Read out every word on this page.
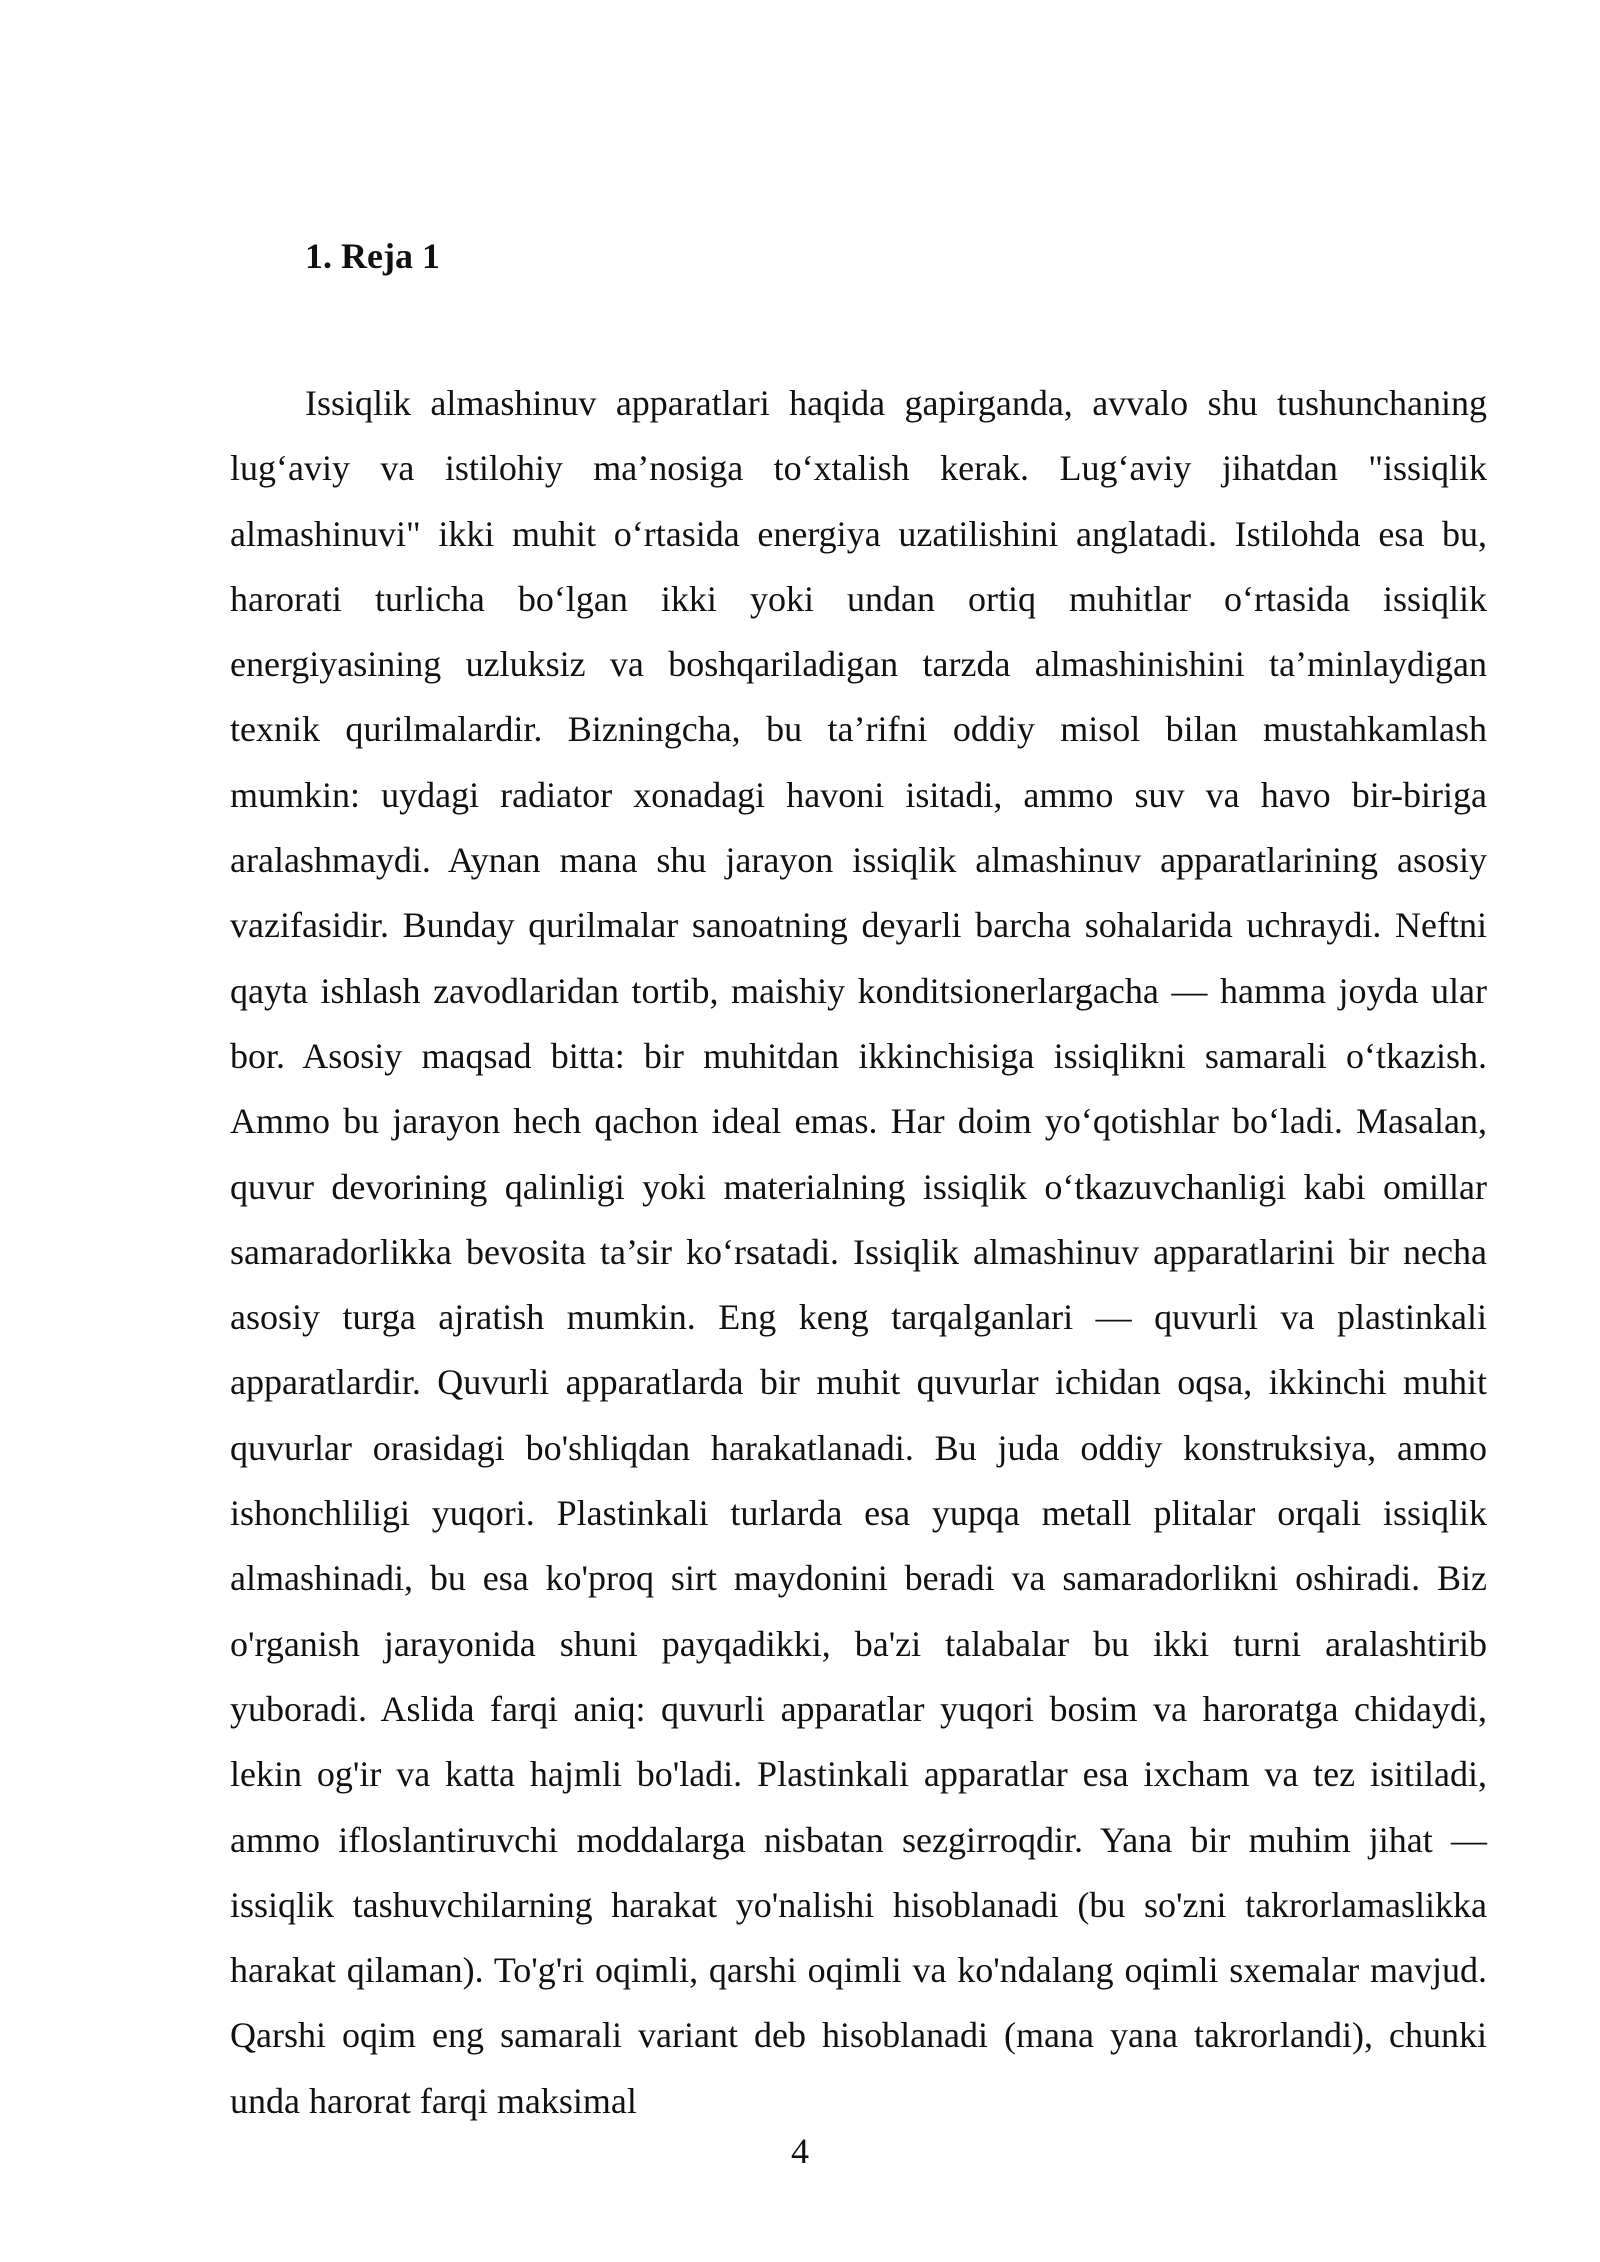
1. Reja 1

Issiqlik almashinuv apparatlari haqida gapirganda, avvalo shu tushunchaning lug‘aviy va istilohiy ma’nosiga to‘xtalish kerak. Lug‘aviy jihatdan "issiqlik almashinuvi" ikki muhit o‘rtasida energiya uzatilishini anglatadi. Istilohda esa bu, harorati turlicha bo‘lgan ikki yoki undan ortiq muhitlar o‘rtasida issiqlik energiyasining uzluksiz va boshqariladigan tarzda almashinishini ta’minlaydigan texnik qurilmalardir. Bizningcha, bu ta’rifni oddiy misol bilan mustahkamlash mumkin: uydagi radiator xonadagi havoni isitadi, ammo suv va havo bir-biriga aralashmaydi. Aynan mana shu jarayon issiqlik almashinuv apparatlarining asosiy vazifasidir. Bunday qurilmalar sanoatning deyarli barcha sohalarida uchraydi. Neftni qayta ishlash zavodlaridan tortib, maishiy konditsionerlargacha — hamma joyda ular bor. Asosiy maqsad bitta: bir muhitdan ikkinchisiga issiqlikni samarali o‘tkazish. Ammo bu jarayon hech qachon ideal emas. Har doim yo‘qotishlar bo‘ladi. Masalan, quvur devorining qalinligi yoki materialning issiqlik o‘tkazuvchanligi kabi omillar samaradorlikka bevosita ta’sir ko‘rsatadi. Issiqlik almashinuv apparatlarini bir necha asosiy turga ajratish mumkin. Eng keng tarqalganlari — quvurli va plastinkali apparatlardir. Quvurli apparatlarda bir muhit quvurlar ichidan oqsa, ikkinchi muhit quvurlar orasidagi bo'shliqdan harakatlanadi. Bu juda oddiy konstruksiya, ammo ishonchliligi yuqori. Plastinkali turlarda esa yupqa metall plitalar orqali issiqlik almashinadi, bu esa ko'proq sirt maydonini beradi va samaradorlikni oshiradi. Biz o'rganish jarayonida shuni payqadikki, ba'zi talabalar bu ikki turni aralashtirib yuboradi. Aslida farqi aniq: quvurli apparatlar yuqori bosim va haroratga chidaydi, lekin og'ir va katta hajmli bo'ladi. Plastinkali apparatlar esa ixcham va tez isitiladi, ammo ifloslantiruvchi moddalarga nisbatan sezgirroqdir. Yana bir muhim jihat — issiqlik tashuvchilarning harakat yo'nalishi hisoblanadi (bu so'zni takrorlamaslikka harakat qilaman). To'g'ri oqimli, qarshi oqimli va ko'ndalang oqimli sxemalar mavjud. Qarshi oqim eng samarali variant deb hisoblanadi (mana yana takrorlandi), chunki unda harorat farqi maksimal

4
